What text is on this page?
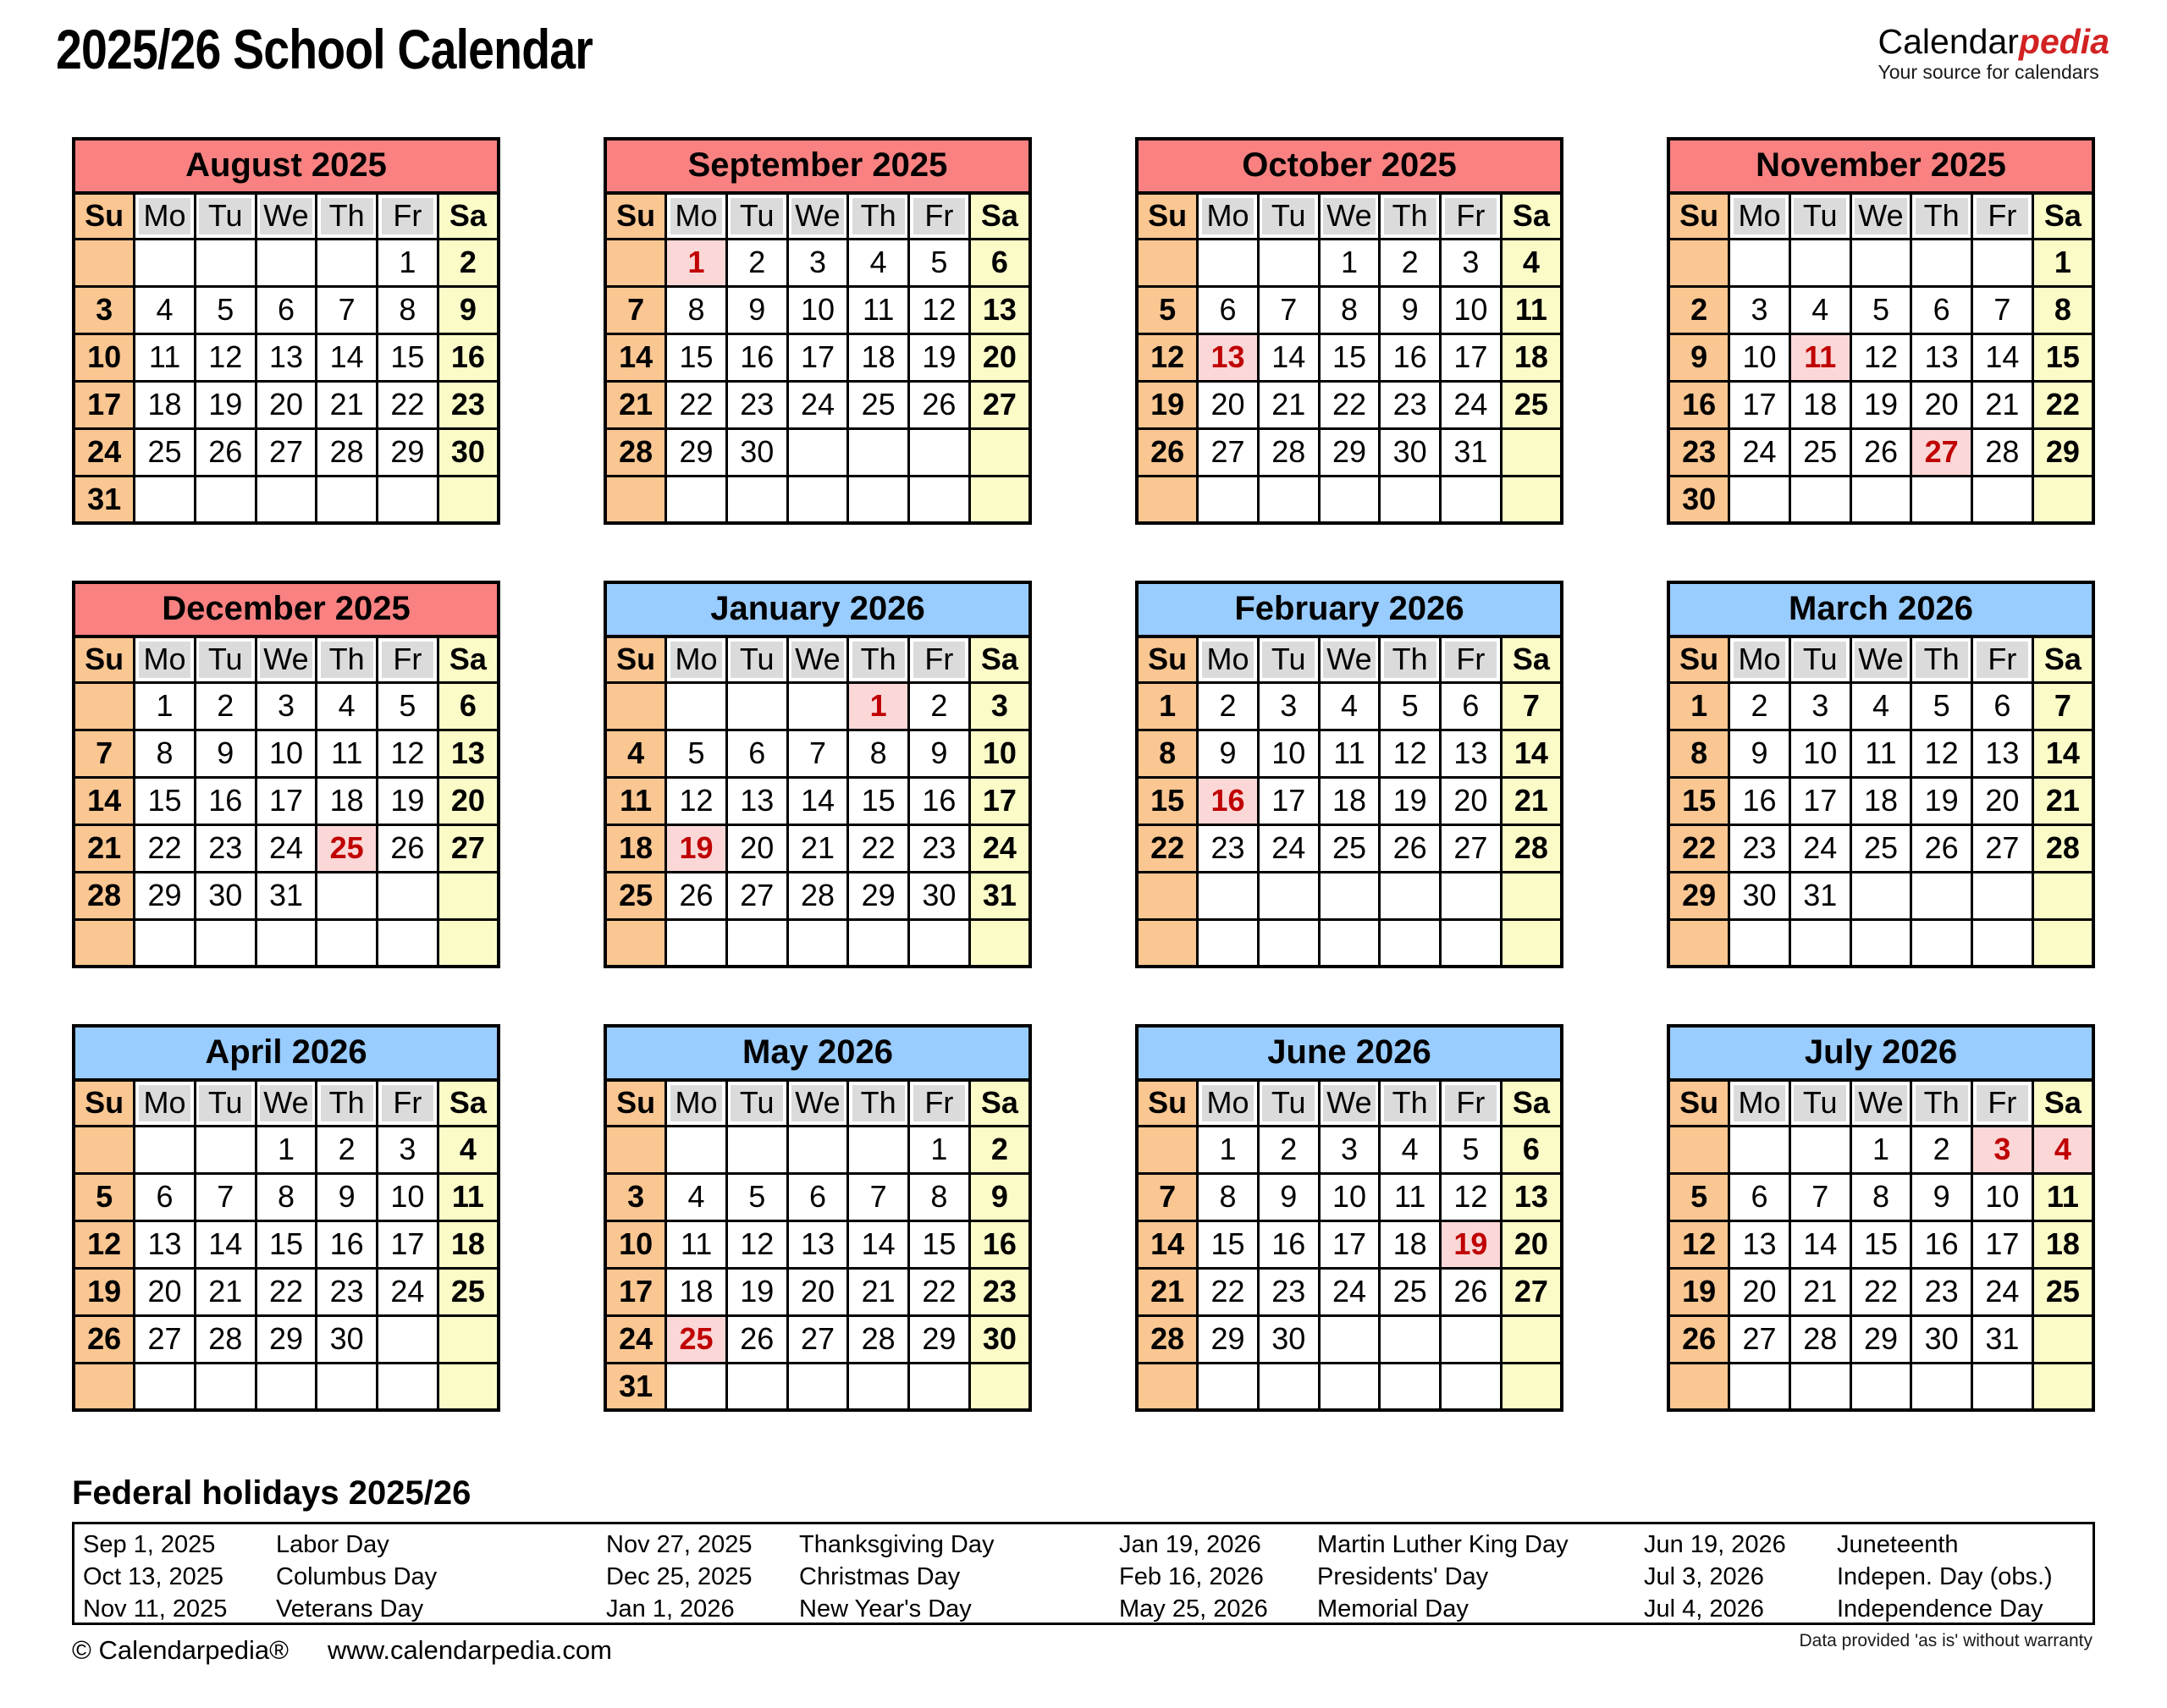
2025/26 School Calendar	Calendarpedia
Your source for calendars
August 2025
Su	Mo	Tu	We	Th	Fr	Sa
					1	2
3	4	5	6	7	8	9
10	11	12	13	14	15	16
17	18	19	20	21	22	23
24	25	26	27	28	29	30
31						
September 2025
Su	Mo	Tu	We	Th	Fr	Sa
	1	2	3	4	5	6
7	8	9	10	11	12	13
14	15	16	17	18	19	20
21	22	23	24	25	26	27
28	29	30				

October 2025
Su	Mo	Tu	We	Th	Fr	Sa
			1	2	3	4
5	6	7	8	9	10	11
12	13	14	15	16	17	18
19	20	21	22	23	24	25
26	27	28	29	30	31	

November 2025
Su	Mo	Tu	We	Th	Fr	Sa
						1
2	3	4	5	6	7	8
9	10	11	12	13	14	15
16	17	18	19	20	21	22
23	24	25	26	27	28	29
30						
December 2025
Su	Mo	Tu	We	Th	Fr	Sa
	1	2	3	4	5	6
7	8	9	10	11	12	13
14	15	16	17	18	19	20
21	22	23	24	25	26	27
28	29	30	31			

January 2026
Su	Mo	Tu	We	Th	Fr	Sa
				1	2	3
4	5	6	7	8	9	10
11	12	13	14	15	16	17
18	19	20	21	22	23	24
25	26	27	28	29	30	31

February 2026
Su	Mo	Tu	We	Th	Fr	Sa
1	2	3	4	5	6	7
8	9	10	11	12	13	14
15	16	17	18	19	20	21
22	23	24	25	26	27	28

March 2026
Su	Mo	Tu	We	Th	Fr	Sa
1	2	3	4	5	6	7
8	9	10	11	12	13	14
15	16	17	18	19	20	21
22	23	24	25	26	27	28
29	30	31				

April 2026
Su	Mo	Tu	We	Th	Fr	Sa
			1	2	3	4
5	6	7	8	9	10	11
12	13	14	15	16	17	18
19	20	21	22	23	24	25
26	27	28	29	30		

May 2026
Su	Mo	Tu	We	Th	Fr	Sa
					1	2
3	4	5	6	7	8	9
10	11	12	13	14	15	16
17	18	19	20	21	22	23
24	25	26	27	28	29	30
31						
June 2026
Su	Mo	Tu	We	Th	Fr	Sa
	1	2	3	4	5	6
7	8	9	10	11	12	13
14	15	16	17	18	19	20
21	22	23	24	25	26	27
28	29	30				

July 2026
Su	Mo	Tu	We	Th	Fr	Sa
			1	2	3	4
5	6	7	8	9	10	11
12	13	14	15	16	17	18
19	20	21	22	23	24	25
26	27	28	29	30	31	

Federal holidays 2025/26
Sep 1, 2025	Labor Day	Nov 27, 2025	Thanksgiving Day	Jan 19, 2026	Martin Luther King Day	Jun 19, 2026	Juneteenth
Oct 13, 2025	Columbus Day	Dec 25, 2025	Christmas Day	Feb 16, 2026	Presidents' Day	Jul 3, 2026	Indepen. Day (obs.)
Nov 11, 2025	Veterans Day	Jan 1, 2026	New Year's Day	May 25, 2026	Memorial Day	Jul 4, 2026	Independence Day
© Calendarpedia® www.calendarpedia.com	Data provided 'as is' without warranty
